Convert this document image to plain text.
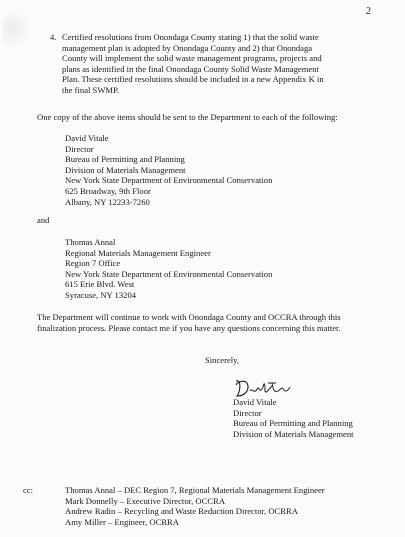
2
4. Certified resolutions from Onondaga County stating 1) that the solid waste
management plan is adopted by Onondaga County and 2) that Onondaga
County will implement the solid waste management programs, projects and
plans as identified in the final Onondaga County Solid Waste Management
Plan. These certified resolutions should be included in a new Appendix K in
the final SWMP.
One copy of the above items should be sent to the Department to each of the following:
David Vitale
Director
Bureau of Permitting and Planning
Division of Materials Management
New York State Department of Environmental Conservation
625 Broadway, 9th Floor
Albany, NY 12233-7260
and
Thomas Annal
Regional Materials Management Engineer
Region 7 Office
New York State Department of Environmental Conservation
615 Erie Blvd. West
Syracuse, NY 13204
The Department will continue to work with Onondaga County and OCCRA through this
finalization process. Please contact me if you have any questions concerning this matter.
Sincerely,
David Vitale
Director
Bureau of Permitting and Planning
Division of Materials Management
cc:	Thomas Annal – DEC Region 7, Regional Materials Management Engineer
Mark Donnelly – Executive Director, OCCRA
Andrew Radin – Recycling and Waste Reduction Director, OCRRA
Amy Miller – Engineer, OCRRA
